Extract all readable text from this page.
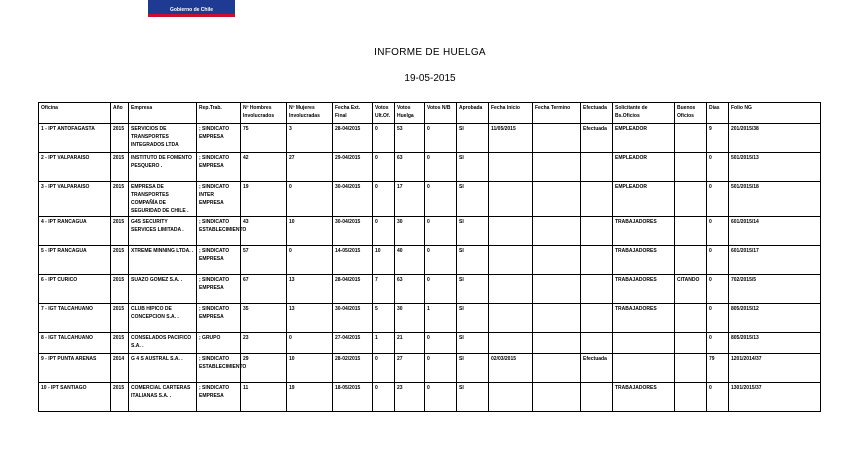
Gobierno de Chile
INFORME DE HUELGA
19-05-2015
Oficina	Año	Empresa	Rep.Trab.	Nº Hombres Involucrados	Nº Mujeres Involucradas	Fecha Ext. Final	Votos Ult.Of.	Votos Huelga	Votos N/B	Aprobada	Fecha Inicio	Fecha Termino	Efectuada	Solicitante de Bs.Oficios	Buenos Oficios	Días	Folio NG
1 - IPT ANTOFAGASTA	2015	SERVICIOS DE TRANSPORTES INTEGRADOS LTDA	; SINDICATO EMPRESA	75	3	28-04/2015	0	53	0	SI	11/05/2015		Efectuada	EMPLEADOR		9	201/2015/38
2 - IPT VALPARAISO	2015	INSTITUTO DE FOMENTO PESQUERO .	; SINDICATO EMPRESA	42	27	29-04/2015	0	63	0	SI				EMPLEADOR		0	501/2015/13
3 - IPT VALPARAISO	2015	EMPRESA DE TRANSPORTES COMPAÑÍA DE SEGURIDAD DE CHILE .	; SINDICATO INTER EMPRESA	19	0	30-04/2015	0	17	0	SI				EMPLEADOR		0	501/2015/18
4 - IPT RANCAGUA	2015	G4S SECURITY SERVICES LIMITADA .	; SINDICATO ESTABLECIMIENTO	43	10	30-04/2015	0	30	0	SI				TRABAJADORES		0	601/2015/14
5 - IPT RANCAGUA	2015	XTREME MINNING LTDA. .	; SINDICATO EMPRESA	57	0	14-05/2015	10	40	0	SI				TRABAJADORES		0	601/2015/17
6 - IPT CURICO	2015	SUAZO GOMEZ S.A. .	; SINDICATO EMPRESA	67	13	28-04/2015	7	63	0	SI				TRABAJADORES	CITANDO	0	702/2015/5
7 - IGT TALCAHUANO	2015	CLUB HIPICO DE CONCEPCION S.A. .	; SINDICATO EMPRESA	35	13	30-04/2015	5	30	1	SI				TRABAJADORES		0	805/2015/12
8 - IGT TALCAHUANO	2015	CONSELADOS PACIFICO S.A. .	; GRUPO	23	0	27-04/2015	1	21	0	SI						0	805/2015/13
9 - IPT PUNTA ARENAS	2014	G 4 S AUSTRAL S.A. .	; SINDICATO ESTABLECIMIENTO	29	10	28-02/2015	0	27	0	SI	02/03/2015		Efectuada			79	1201/2014/37
10 - IPT SANTIAGO	2015	COMERCIAL CARTERAS ITALIANAS S.A. .	; SINDICATO EMPRESA	11	19	18-05/2015	0	23	0	SI				TRABAJADORES		0	1301/2015/37
